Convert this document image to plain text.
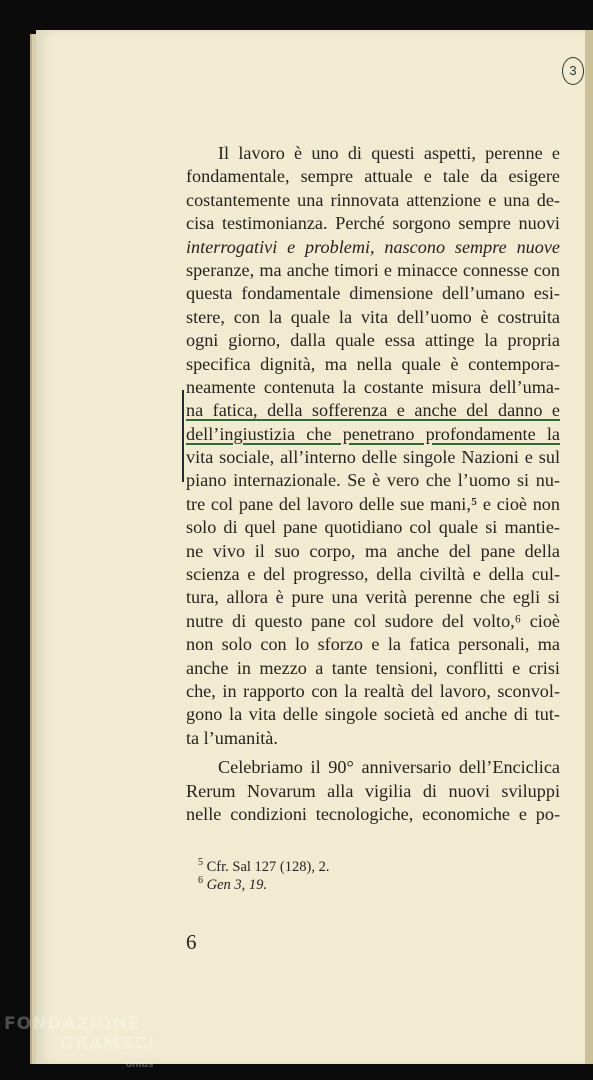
3
Il lavoro è uno di questi aspetti, perenne e
fondamentale, sempre attuale e tale da esigere
costantemente una rinnovata attenzione e una de-
cisa testimonianza. Perché sorgono sempre nuovi
interrogativi e problemi, nascono sempre nuove
speranze, ma anche timori e minacce connesse con
questa fondamentale dimensione dell’umano esi-
stere, con la quale la vita dell’uomo è costruita
ogni giorno, dalla quale essa attinge la propria
specifica dignità, ma nella quale è contempora-
neamente contenuta la costante misura dell’uma-
na fatica, della sofferenza e anche del danno e
dell’ingiustizia che penetrano profondamente la
vita sociale, all’interno delle singole Nazioni e sul
piano internazionale. Se è vero che l’uomo si nu-
tre col pane del lavoro delle sue mani,⁵ e cioè non
solo di quel pane quotidiano col quale si mantie-
ne vivo il suo corpo, ma anche del pane della
scienza e del progresso, della civiltà e della cul-
tura, allora è pure una verità perenne che egli si
nutre di questo pane col sudore del volto,⁶ cioè
non solo con lo sforzo e la fatica personali, ma
anche in mezzo a tante tensioni, conflitti e crisi
che, in rapporto con la realtà del lavoro, sconvol-
gono la vita delle singole società ed anche di tut-
ta l’umanità.
Celebriamo il 90° anniversario dell’Enciclica
Rerum Novarum alla vigilia di nuovi sviluppi
nelle condizioni tecnologiche, economiche e po-
$^5$ Cfr. Sal 127 (128), 2.
$^6$ Gen 3, 19.
6
FONDAZIONE
GRAMSCI
onlus
